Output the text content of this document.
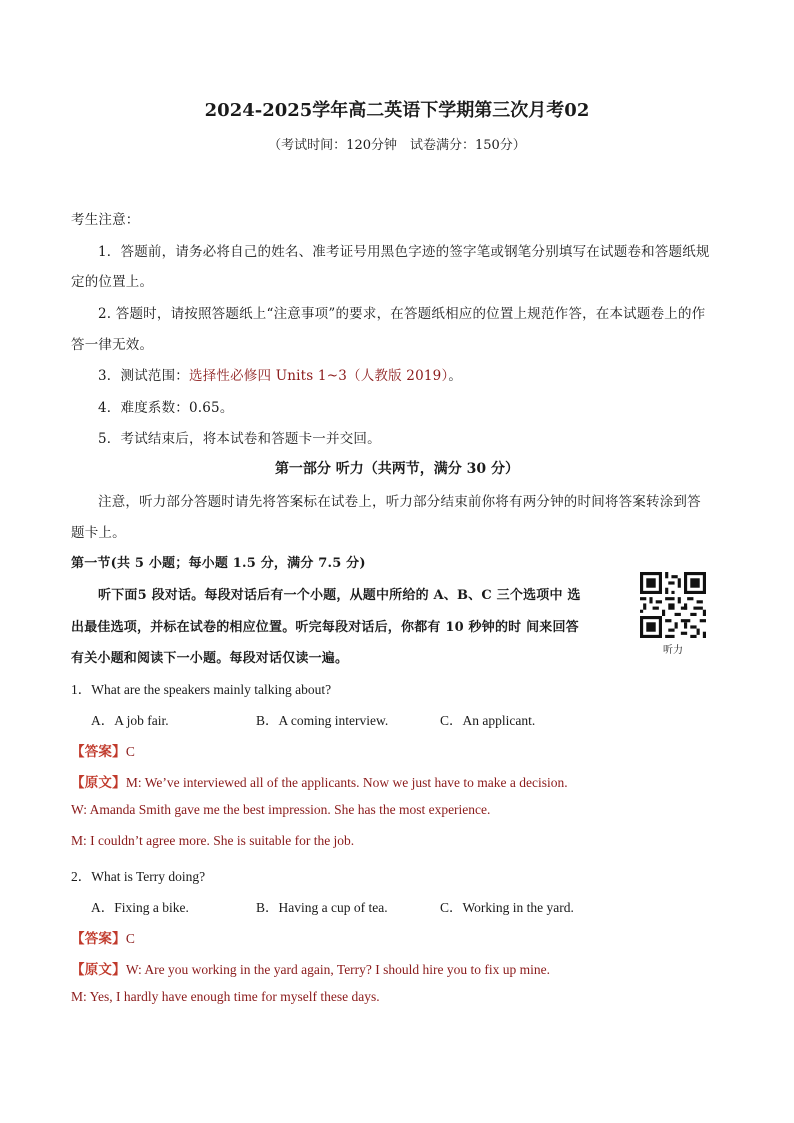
2024-2025学年高二英语下学期第三次月考02
（考试时间：120分钟　试卷满分：150分）
考生注意：
1．答题前，请务必将自己的姓名、准考证号用黑色字迹的签字笔或钢笔分别填写在试题卷和答题纸规
定的位置上。
2. 答题时，请按照答题纸上“注意事项”的要求，在答题纸相应的位置上规范作答，在本试题卷上的作
答一律无效。
3．测试范围：选择性必修四 Units 1~3（人教版 2019）。
4．难度系数：0.65。
5．考试结束后，将本试卷和答题卡一并交回。
第一部分 听力（共两节，满分 30 分）
注意，听力部分答题时请先将答案标在试卷上，听力部分结束前你将有两分钟的时间将答案转涂到答
题卡上。
第一节(共 5 小题；每小题 1.5 分，满分 7.5 分)
听下面5 段对话。每段对话后有一个小题，从题中所给的 A、B、C 三个选项中 选
出最佳选项，并标在试卷的相应位置。听完每段对话后，你都有 10 秒钟的时 间来回答
有关小题和阅读下一小题。每段对话仅读一遍。
听力
1．What are the speakers mainly talking about?
A．A job fair.	B．A coming interview.	C．An applicant.
【答案】C
【原文】M: We’ve interviewed all of the applicants. Now we just have to make a decision.
W: Amanda Smith gave me the best impression. She has the most experience.
M: I couldn’t agree more. She is suitable for the job.
2．What is Terry doing?
A．Fixing a bike.	B．Having a cup of tea.	C．Working in the yard.
【答案】C
【原文】W: Are you working in the yard again, Terry? I should hire you to fix up mine.
M: Yes, I hardly have enough time for myself these days.
